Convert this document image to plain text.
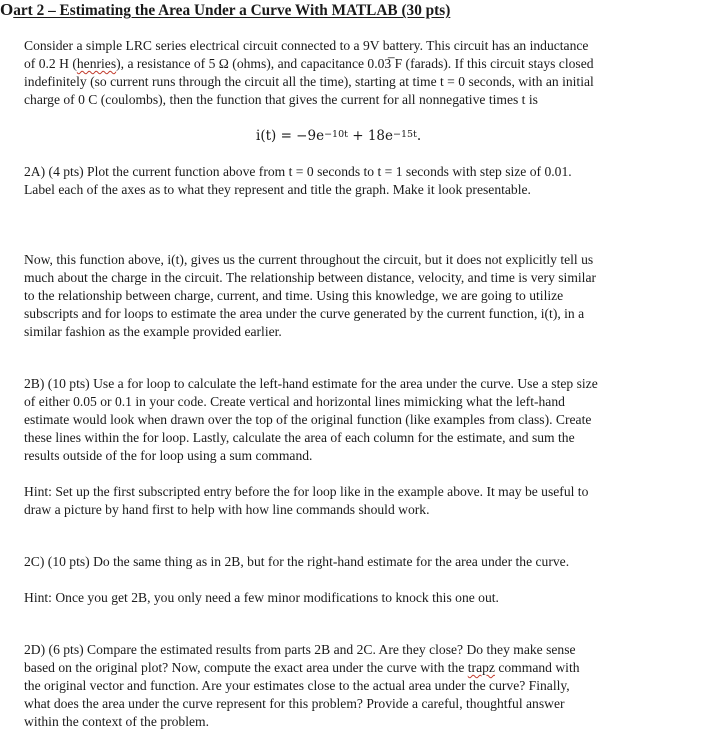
Oart 2 – Estimating the Area Under a Curve With MATLAB (30 pts)
Consider a simple LRC series electrical circuit connected to a 9V battery. This circuit has an inductance
of 0.2 H (henries), a resistance of 5 Ω (ohms), and capacitance 0.03̅ F (farads). If this circuit stays closed
indefinitely (so current runs through the circuit all the time), starting at time t = 0 seconds, with an initial
charge of 0 C (coulombs), then the function that gives the current for all nonnegative times t is
$i(t) = -9e^{-10t} + 18e^{-15t}$.
2A) (4 pts) Plot the current function above from t = 0 seconds to t = 1 seconds with step size of 0.01.
Label each of the axes as to what they represent and title the graph. Make it look presentable.
Now, this function above, i(t), gives us the current throughout the circuit, but it does not explicitly tell us
much about the charge in the circuit. The relationship between distance, velocity, and time is very similar
to the relationship between charge, current, and time. Using this knowledge, we are going to utilize
subscripts and for loops to estimate the area under the curve generated by the current function, i(t), in a
similar fashion as the example provided earlier.
2B) (10 pts) Use a for loop to calculate the left-hand estimate for the area under the curve. Use a step size
of either 0.05 or 0.1 in your code. Create vertical and horizontal lines mimicking what the left-hand
estimate would look when drawn over the top of the original function (like examples from class). Create
these lines within the for loop. Lastly, calculate the area of each column for the estimate, and sum the
results outside of the for loop using a sum command.
Hint: Set up the first subscripted entry before the for loop like in the example above. It may be useful to
draw a picture by hand first to help with how line commands should work.
2C) (10 pts) Do the same thing as in 2B, but for the right-hand estimate for the area under the curve.
Hint: Once you get 2B, you only need a few minor modifications to knock this one out.
2D) (6 pts) Compare the estimated results from parts 2B and 2C. Are they close? Do they make sense
based on the original plot? Now, compute the exact area under the curve with the trapz command with
the original vector and function. Are your estimates close to the actual area under the curve? Finally,
what does the area under the curve represent for this problem? Provide a careful, thoughtful answer
within the context of the problem.
